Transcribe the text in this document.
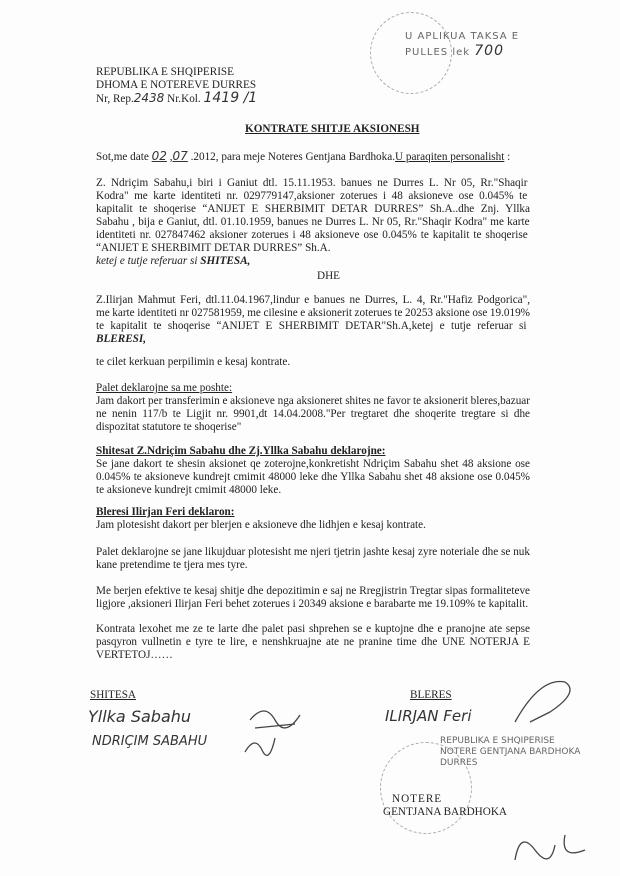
U APLIKUA TAKSA E
PULLES lek 700
REPUBLIKA E SHQIPERISE
NOTERE GENTJANA BARDHOKA
DURRES
REPUBLIKA E SHQIPERISE
DHOMA E NOTEREVE DURRES
Nr, Rep.2438 Nr.Kol. 1419 /1
KONTRATE SHITJE AKSIONESH
Sot,me date 02 ,07 .2012, para meje Noteres Gentjana Bardhoka.U paraqiten personalisht :
Z. Ndriçim Sabahu,i biri i Ganiut dtl. 15.11.1953. banues ne Durres L. Nr 05, Rr."Shaqir
Kodra" me karte identiteti nr. 029779147,aksioner zoterues i 48 aksioneve ose 0.045% te
kapitalit te shoqerise “ANIJET E SHERBIMIT DETAR DURRES” Sh.A..dhe Znj. Yllka
Sabahu , bija e Ganiut, dtl. 01.10.1959, banues ne Durres L. Nr 05, Rr."Shaqir Kodra" me karte
identiteti nr. 027847462 aksioner zoterues i 48 aksioneve ose 0.045% te kapitalit te shoqerise
“ANIJET E SHERBIMIT DETAR DURRES” Sh.A.
ketej e tutje referuar si SHITESA,
DHE
Z.Ilirjan Mahmut Feri, dtl.11.04.1967,lindur e banues ne Durres, L. 4, Rr."Hafiz Podgorica",
me karte identiteti nr 027581959, me cilesine e aksionerit zoterues te 20253 aksione ose 19.019%
te kapitalit te shoqerise “ANIJET E SHERBIMIT DETAR"Sh.A,ketej e tutje referuar si
BLERESI,
te cilet kerkuan perpilimin e kesaj kontrate.
Palet deklarojne sa me poshte:
Jam dakort per transferimin e aksioneve nga aksioneret shites ne favor te aksionerit bleres,bazuar
ne nenin 117/b te Ligjit nr. 9901,dt 14.04.2008."Per tregtaret dhe shoqerite tregtare si dhe
dispozitat statutore te shoqerise"
Shitesat Z.Ndriçim Sabahu dhe Zj.Yllka Sabahu deklarojne:
Se jane dakort te shesin aksionet qe zoterojne,konkretisht Ndriçim Sabahu shet 48 aksione ose
0.045% te aksioneve kundrejt cmimit 48000 leke dhe Yllka Sabahu shet 48 aksione ose 0.045%
te aksioneve kundrejt cmimit 48000 leke.
Bleresi Ilirjan Feri deklaron:
Jam plotesisht dakort per blerjen e aksioneve dhe lidhjen e kesaj kontrate.
Palet deklarojne se jane likujduar plotesisht me njeri tjetrin jashte kesaj zyre noteriale dhe se nuk
kane pretendime te tjera mes tyre.
Me berjen efektive te kesaj shitje dhe depozitimin e saj ne Rregjistrin Tregtar sipas formaliteteve
ligjore ,aksioneri Ilirjan Feri behet zoterues i 20349 aksione e barabarte me 19.109% te kapitalit.
Kontrata lexohet me ze te larte dhe palet pasi shprehen se e kuptojne dhe e pranojne ate sepse
pasqyron vullnetin e tyre te lire, e nenshkruajne ate ne pranine time dhe UNE NOTERJA E
VERTETOJ……
SHITESA
Yllka Sabahu
NDRIÇIM SABAHU
BLERES
ILIRJAN Feri
NOTERE
GENTJANA BARDHOKA
